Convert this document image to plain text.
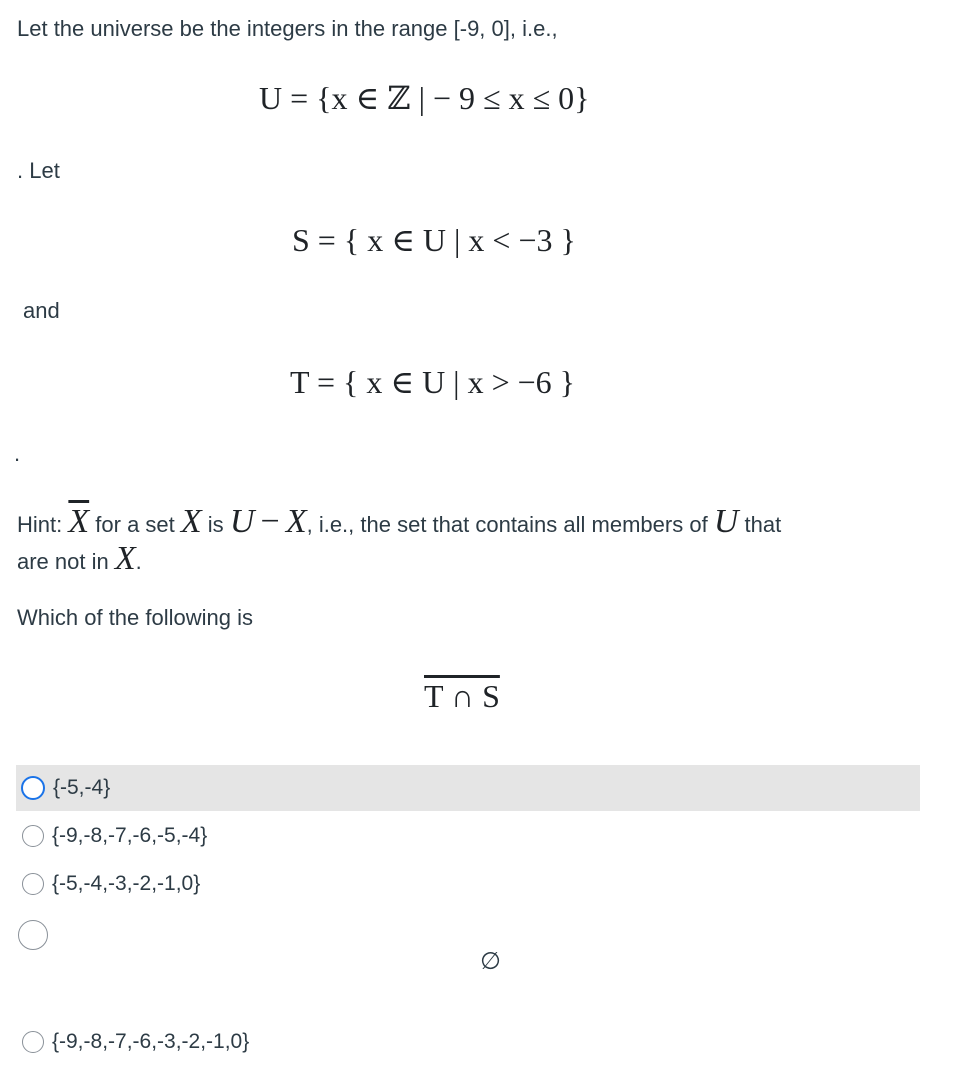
Let the universe be the integers in the range [-9, 0], i.e.,
U = {x ∈ ℤ | − 9 ≤ x ≤ 0}
. Let
S = { x ∈ U | x < −3 }
and
T = { x ∈ U | x > −6 }
.
Hint: $\overline{X}$ for a set X is U − X, i.e., the set that contains all members of U that
are not in X.
Which of the following is
T ∩ S
{-5,-4}
{-9,-8,-7,-6,-5,-4}
{-5,-4,-3,-2,-1,0}
∅
{-9,-8,-7,-6,-3,-2,-1,0}
